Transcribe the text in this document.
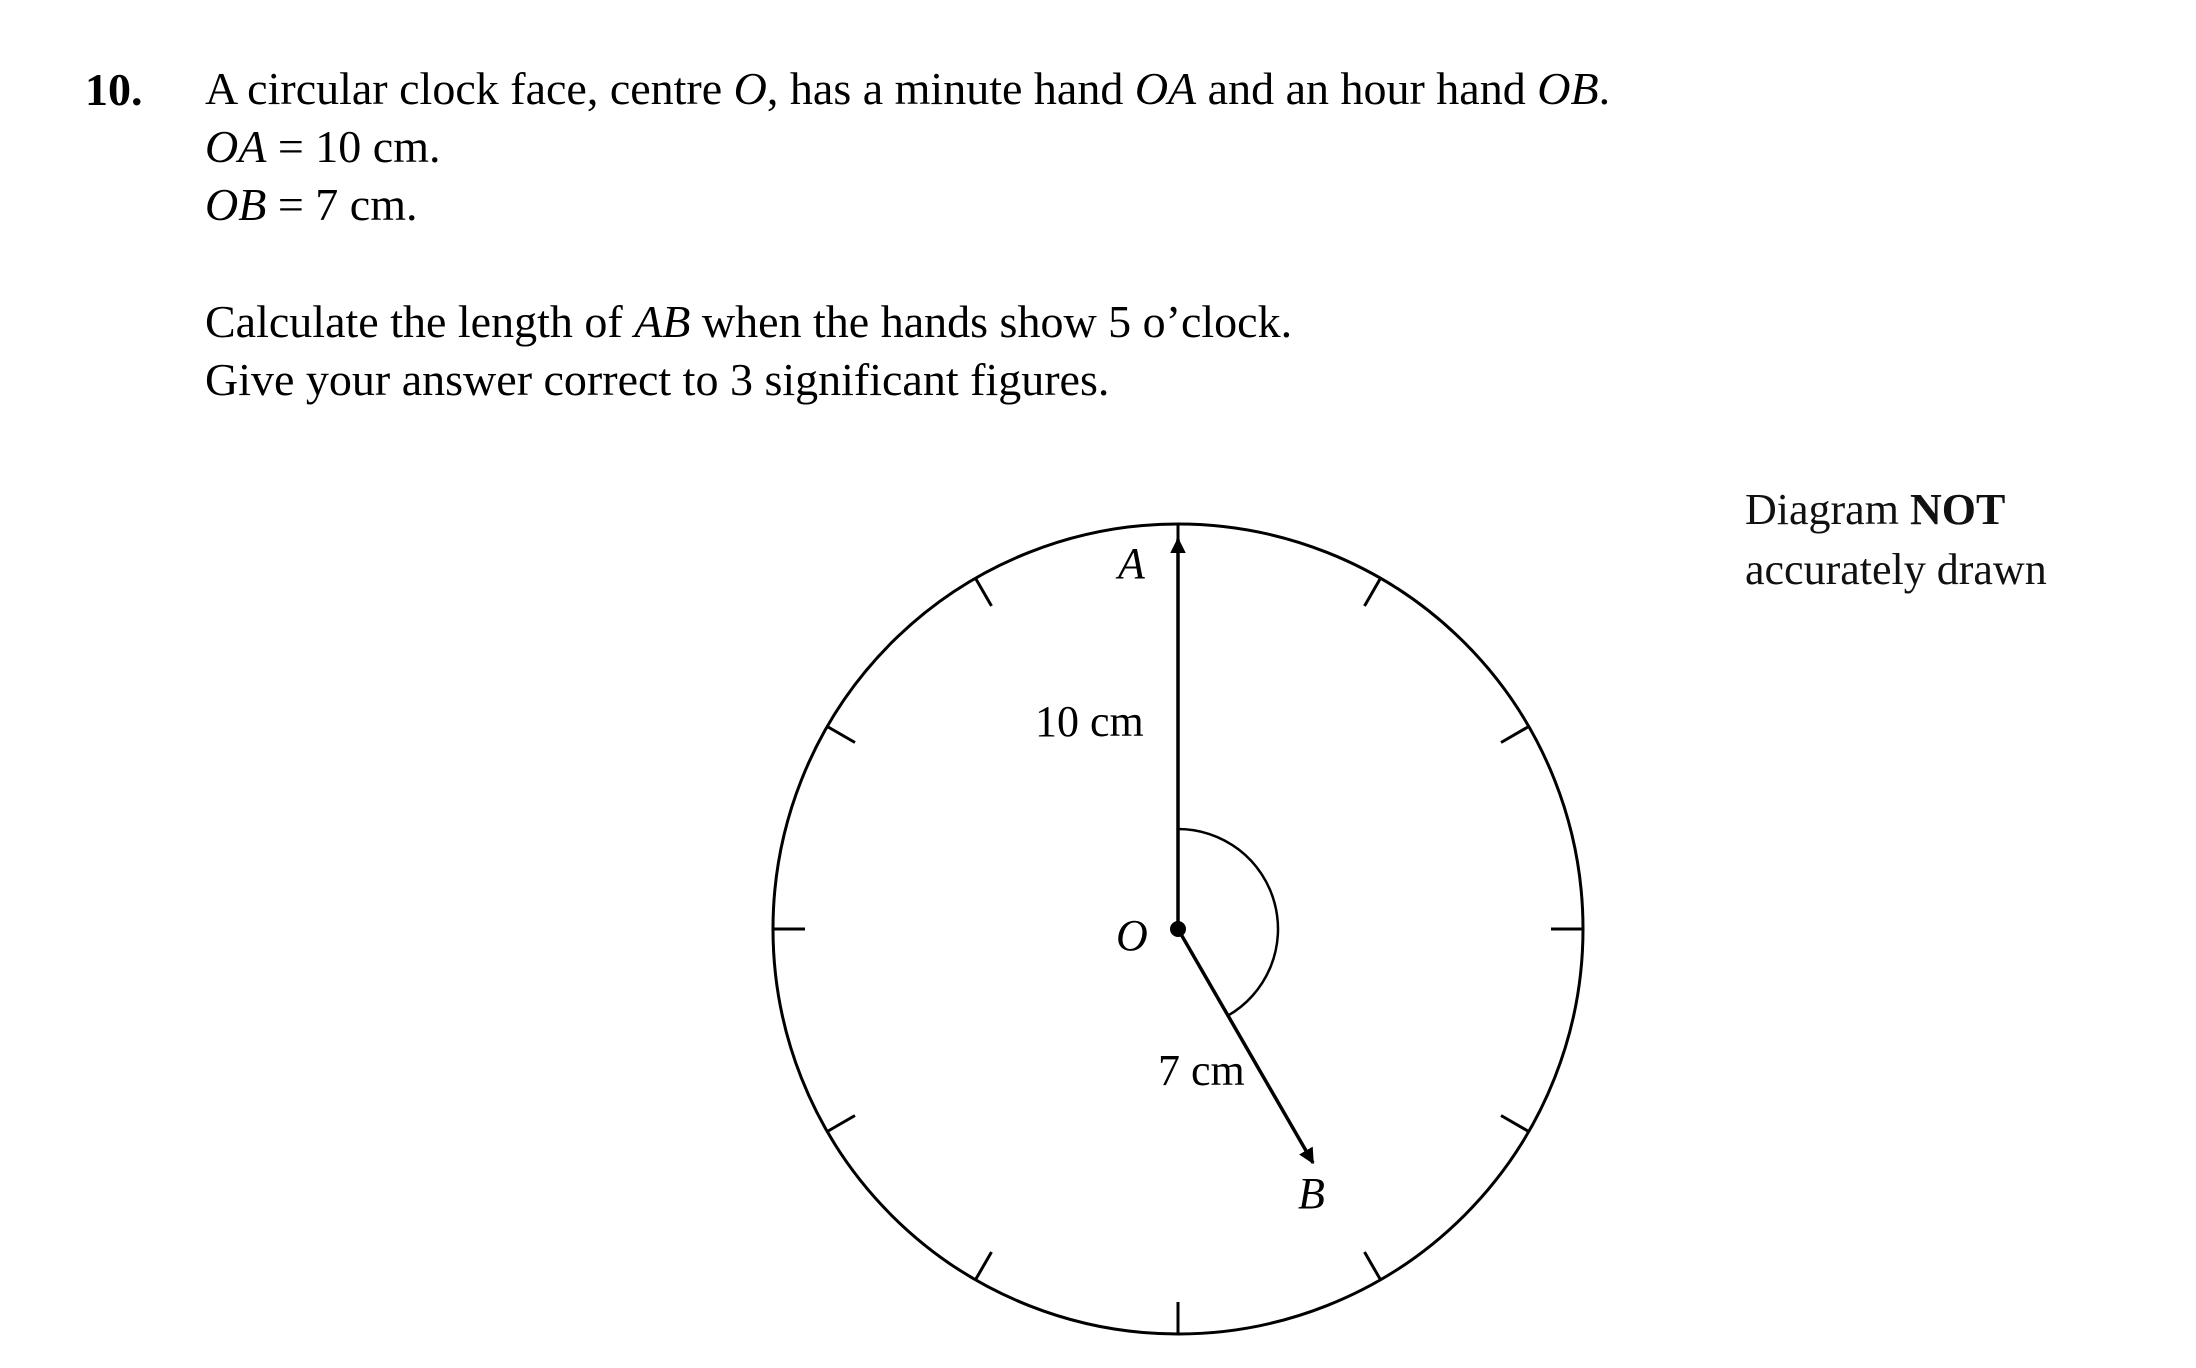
10. A circular clock face, centre O, has a minute hand OA and an hour hand OB.

OA = 10 cm.

OB = 7 cm.

Calculate the length of AB when the hands show 5 o’clock.

Give your answer correct to 3 significant figures.

Diagram NOT
accurately drawn
A
10 cm
O
7 cm
B
